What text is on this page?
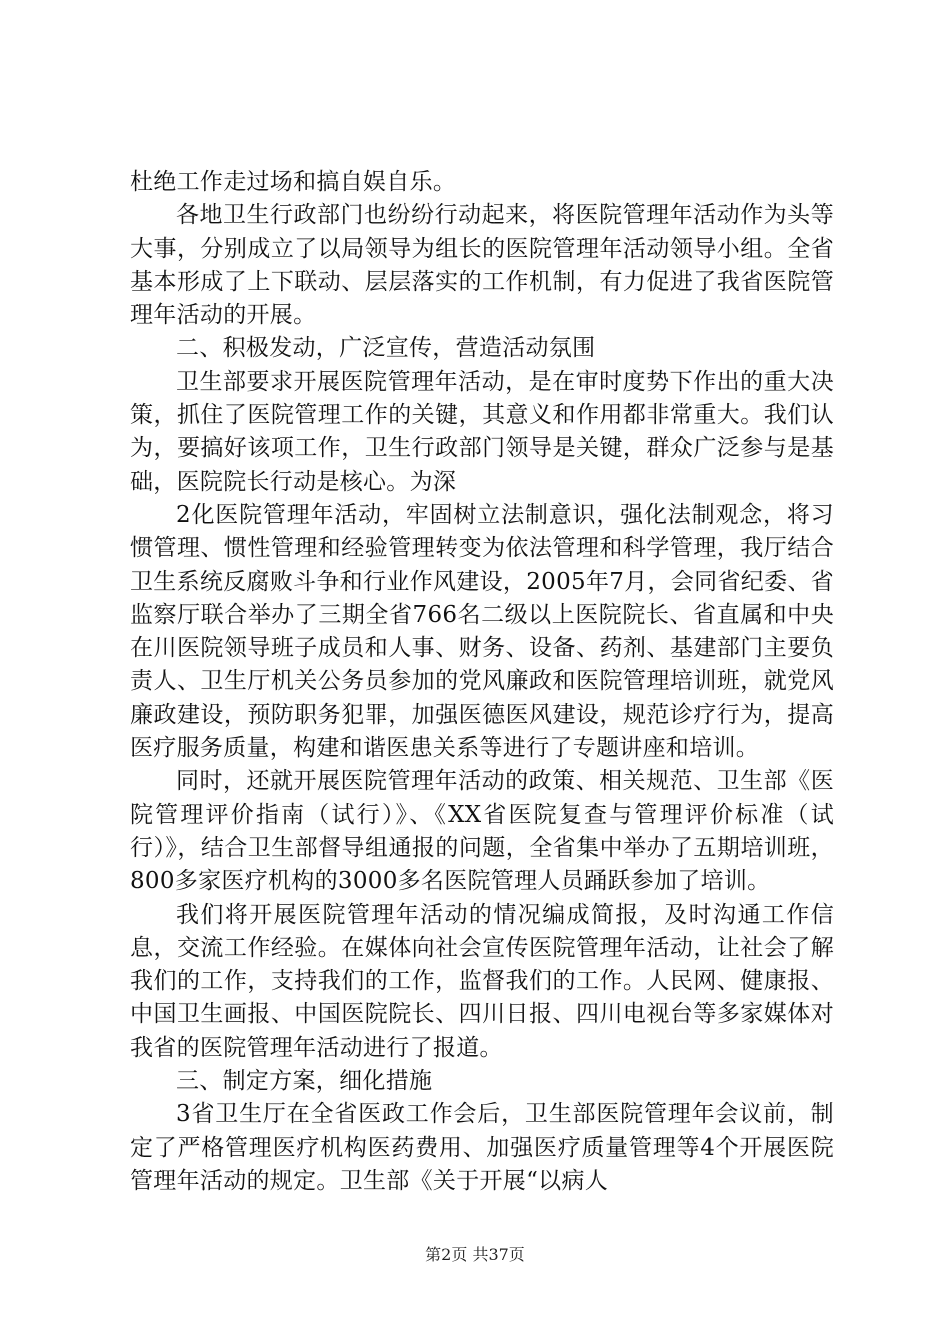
杜绝工作走过场和搞自娱自乐。

各地卫生行政部门也纷纷行动起来，将医院管理年活动作为头等大事，分别成立了以局领导为组长的医院管理年活动领导小组。全省基本形成了上下联动、层层落实的工作机制，有力促进了我省医院管理年活动的开展。

二、积极发动，广泛宣传，营造活动氛围

卫生部要求开展医院管理年活动，是在审时度势下作出的重大决策，抓住了医院管理工作的关键，其意义和作用都非常重大。我们认为，要搞好该项工作，卫生行政部门领导是关键，群众广泛参与是基础，医院院长行动是核心。为深

2化医院管理年活动，牢固树立法制意识，强化法制观念，将习惯管理、惯性管理和经验管理转变为依法管理和科学管理，我厅结合卫生系统反腐败斗争和行业作风建设，2005年7月，会同省纪委、省监察厅联合举办了三期全省766名二级以上医院院长、省直属和中央在川医院领导班子成员和人事、财务、设备、药剂、基建部门主要负责人、卫生厅机关公务员参加的党风廉政和医院管理培训班，就党风廉政建设，预防职务犯罪，加强医德医风建设，规范诊疗行为，提高医疗服务质量，构建和谐医患关系等进行了专题讲座和培训。

同时，还就开展医院管理年活动的政策、相关规范、卫生部《医院管理评价指南（试行）》、《XX省医院复查与管理评价标准（试行）》，结合卫生部督导组通报的问题，全省集中举办了五期培训班，800多家医疗机构的3000多名医院管理人员踊跃参加了培训。

我们将开展医院管理年活动的情况编成简报，及时沟通工作信息，交流工作经验。在媒体向社会宣传医院管理年活动，让社会了解我们的工作，支持我们的工作，监督我们的工作。人民网、健康报、中国卫生画报、中国医院院长、四川日报、四川电视台等多家媒体对我省的医院管理年活动进行了报道。

三、制定方案，细化措施

3省卫生厅在全省医政工作会后，卫生部医院管理年会议前，制定了严格管理医疗机构医药费用、加强医疗质量管理等4个开展医院管理年活动的规定。卫生部《关于开展“以病人

第2页 共37页
